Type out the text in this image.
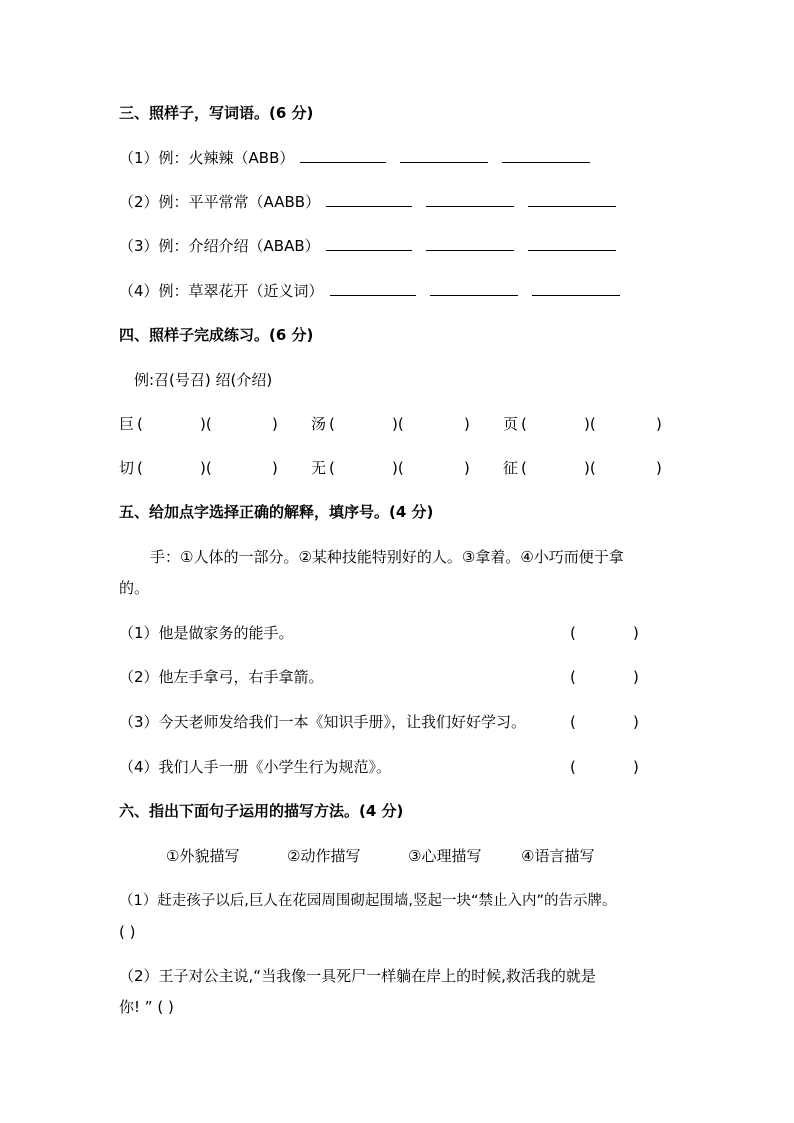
三、照样子，写词语。(6 分)
（1）例：火辣辣（ABB）
（2）例：平平常常（AABB）
（3）例：介绍介绍（ABAB）
（4）例：草翠花开（近义词）
四、照样子完成练习。(6 分)
例:召(号召) 绍(介绍)
巨 (	)(	) 汤 (	)(	) 页 (	)(	)
切 (	)(	) 无 (	)(	) 征 (	)(	)
五、给加点字选择正确的解释，填序号。(4 分)
手：①人体的一部分。②某种技能特别好的人。③拿着。④小巧而便于拿
的。
（1）他是做家务的能手。	(	)
（2）他左手拿弓，右手拿箭。	(	)
（3）今天老师发给我们一本《知识手册》，让我们好好学习。	(	)
（4）我们人手一册《小学生行为规范》。	(	)
六、指出下面句子运用的描写方法。(4 分)
①外貌描写	②动作描写	③心理描写	④语言描写
（1）赶走孩子以后,巨人在花园周围砌起围墙,竖起一块“禁止入内”的告示牌。
( )
（2）王子对公主说,“当我像一具死尸一样躺在岸上的时候,救活我的就是
你! ” ( )
